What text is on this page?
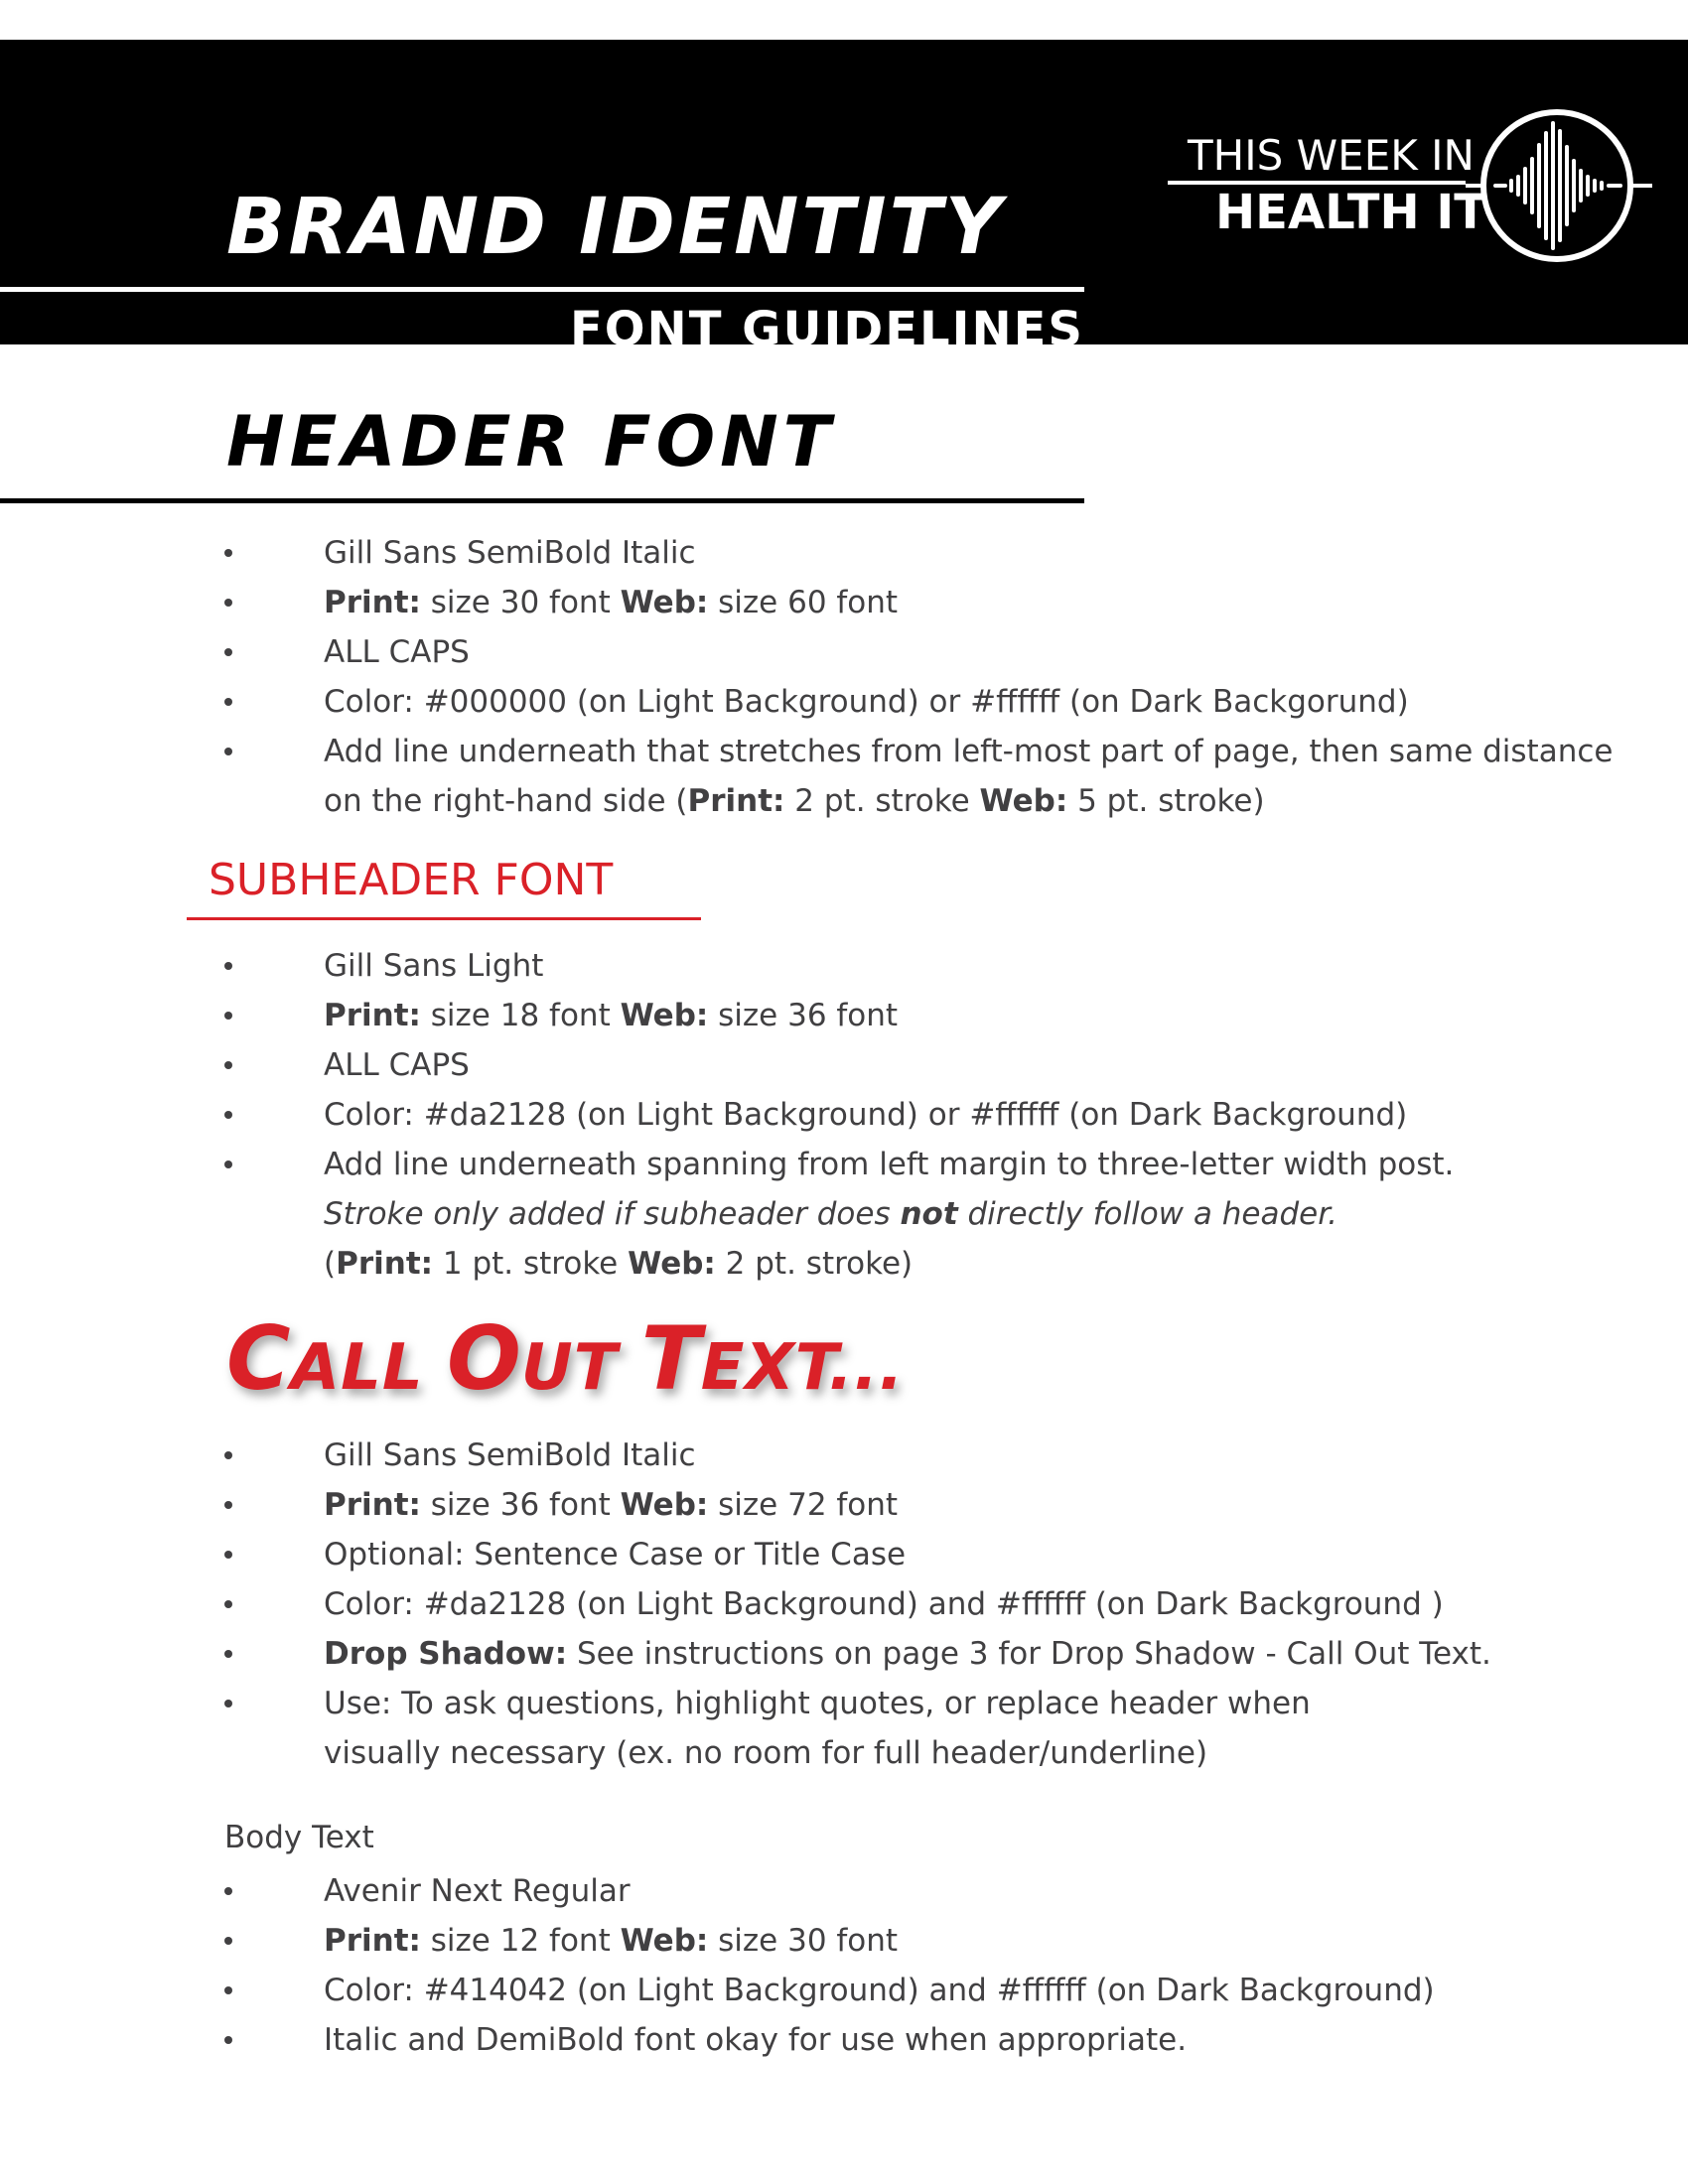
BRAND IDENTITY
FONT GUIDELINES
THIS WEEK IN
HEALTH IT
HEADER FONT
Gill Sans SemiBold Italic
Print: size 30 font Web: size 60 font
ALL CAPS
Color: #000000 (on Light Background) or #ffffff (on Dark Backgorund)
Add line underneath that stretches from left-most part of page, then same distance
on the right-hand side (Print: 2 pt. stroke Web: 5 pt. stroke)
SUBHEADER FONT
Gill Sans Light
Print: size 18 font Web: size 36 font
ALL CAPS
Color: #da2128 (on Light Background) or #ffffff (on Dark Background)
Add line underneath spanning from left margin to three-letter width post.
Stroke only added if subheader does not directly follow a header.
(Print: 1 pt. stroke Web: 2 pt. stroke)
CALL OUT TEXT...
Gill Sans SemiBold Italic
Print: size 36 font Web: size 72 font
Optional: Sentence Case or Title Case
Color: #da2128 (on Light Background) and #ffffff (on Dark Background )
Drop Shadow: See instructions on page 3 for Drop Shadow - Call Out Text.
Use: To ask questions, highlight quotes, or replace header when
visually necessary (ex. no room for full header/underline)

Body Text

Avenir Next Regular
Print: size 12 font Web: size 30 font
Color: #414042 (on Light Background) and #ffffff (on Dark Background)
Italic and DemiBold font okay for use when appropriate.
